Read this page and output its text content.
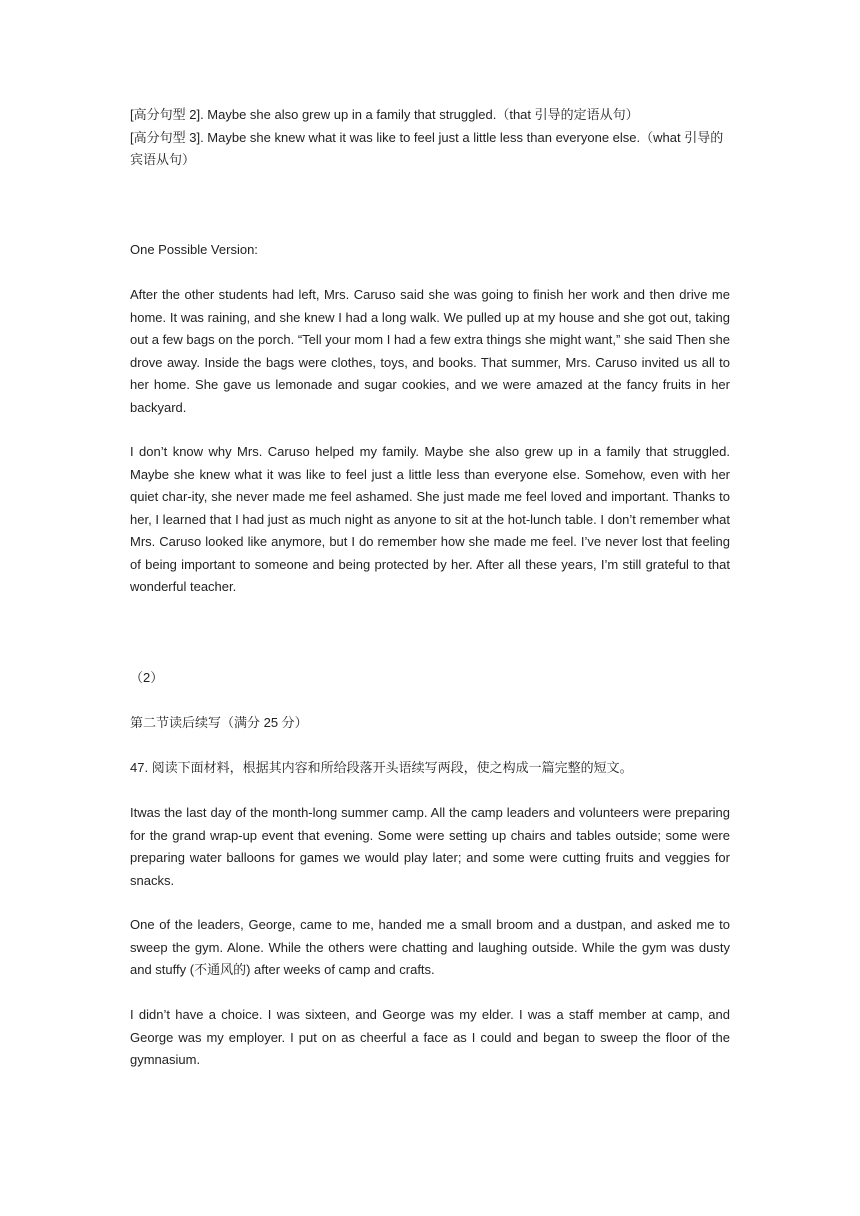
[高分句型 2]. Maybe she also grew up in a family that struggled.（that 引导的定语从句）

[高分句型 3]. Maybe she knew what it was like to feel just a little less than everyone else.（what 引导的宾语从句）

One Possible Version:

After the other students had left, Mrs. Caruso said she was going to finish her work and then drive me home. It was raining, and she knew I had a long walk. We pulled up at my house and she got out, taking out a few bags on the porch. “Tell your mom I had a few extra things she might want,” she said Then she drove away. Inside the bags were clothes, toys, and books. That summer, Mrs. Caruso invited us all to her home. She gave us lemonade and sugar cookies, and we were amazed at the fancy fruits in her backyard.

I don’t know why Mrs. Caruso helped my family. Maybe she also grew up in a family that struggled. Maybe she knew what it was like to feel just a little less than everyone else. Somehow, even with her quiet char-ity, she never made me feel ashamed. She just made me feel loved and important. Thanks to her, I learned that I had just as much night as anyone to sit at the hot-lunch table. I don’t remember what Mrs. Caruso looked like anymore, but I do remember how she made me feel. I’ve never lost that feeling of being important to someone and being protected by her. After all these years, I’m still grateful to that wonderful teacher.

（2）

第二节读后续写（满分 25 分）

47. 阅读下面材料，根据其内容和所给段落开头语续写两段，使之构成一篇完整的短文。

Itwas the last day of the month-long summer camp. All the camp leaders and volunteers were preparing for the grand wrap-up event that evening. Some were setting up chairs and tables outside; some were preparing water balloons for games we would play later; and some were cutting fruits and veggies for snacks.

One of the leaders, George, came to me, handed me a small broom and a dustpan, and asked me to sweep the gym. Alone. While the others were chatting and laughing outside. While the gym was dusty and stuffy (不通风的) after weeks of camp and crafts.

I didn’t have a choice. I was sixteen, and George was my elder. I was a staff member at camp, and George was my employer. I put on as cheerful a face as I could and began to sweep the floor of the gymnasium.
